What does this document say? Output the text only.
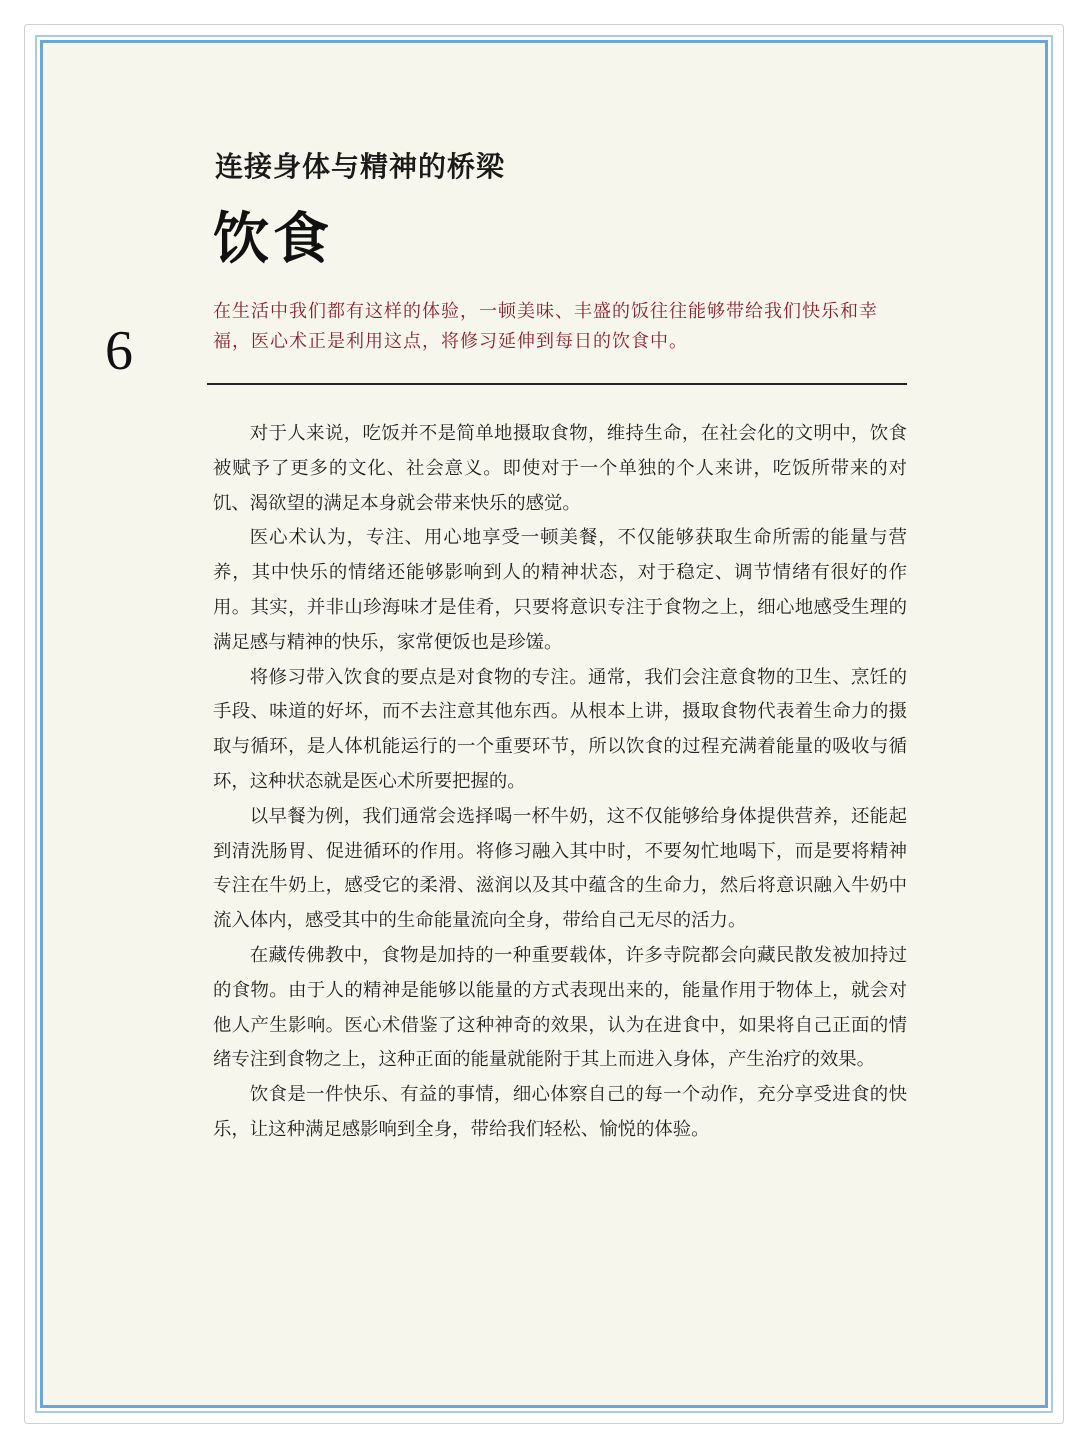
连接身体与精神的桥梁
饮食
6
在生活中我们都有这样的体验，一顿美味、丰盛的饭往往能够带给我们快乐和幸福，医心术正是利用这点，将修习延伸到每日的饮食中。

对于人来说，吃饭并不是简单地摄取食物，维持生命，在社会化的文明中，饮食被赋予了更多的文化、社会意义。即使对于一个单独的个人来讲，吃饭所带来的对饥、渴欲望的满足本身就会带来快乐的感觉。

医心术认为，专注、用心地享受一顿美餐，不仅能够获取生命所需的能量与营养，其中快乐的情绪还能够影响到人的精神状态，对于稳定、调节情绪有很好的作用。其实，并非山珍海味才是佳肴，只要将意识专注于食物之上，细心地感受生理的满足感与精神的快乐，家常便饭也是珍馐。

将修习带入饮食的要点是对食物的专注。通常，我们会注意食物的卫生、烹饪的手段、味道的好坏，而不去注意其他东西。从根本上讲，摄取食物代表着生命力的摄取与循环，是人体机能运行的一个重要环节，所以饮食的过程充满着能量的吸收与循环，这种状态就是医心术所要把握的。

以早餐为例，我们通常会选择喝一杯牛奶，这不仅能够给身体提供营养，还能起到清洗肠胃、促进循环的作用。将修习融入其中时，不要匆忙地喝下，而是要将精神专注在牛奶上，感受它的柔滑、滋润以及其中蕴含的生命力，然后将意识融入牛奶中流入体内，感受其中的生命能量流向全身，带给自己无尽的活力。

在藏传佛教中，食物是加持的一种重要载体，许多寺院都会向藏民散发被加持过的食物。由于人的精神是能够以能量的方式表现出来的，能量作用于物体上，就会对他人产生影响。医心术借鉴了这种神奇的效果，认为在进食中，如果将自己正面的情绪专注到食物之上，这种正面的能量就能附于其上而进入身体，产生治疗的效果。

饮食是一件快乐、有益的事情，细心体察自己的每一个动作，充分享受进食的快乐，让这种满足感影响到全身，带给我们轻松、愉悦的体验。
